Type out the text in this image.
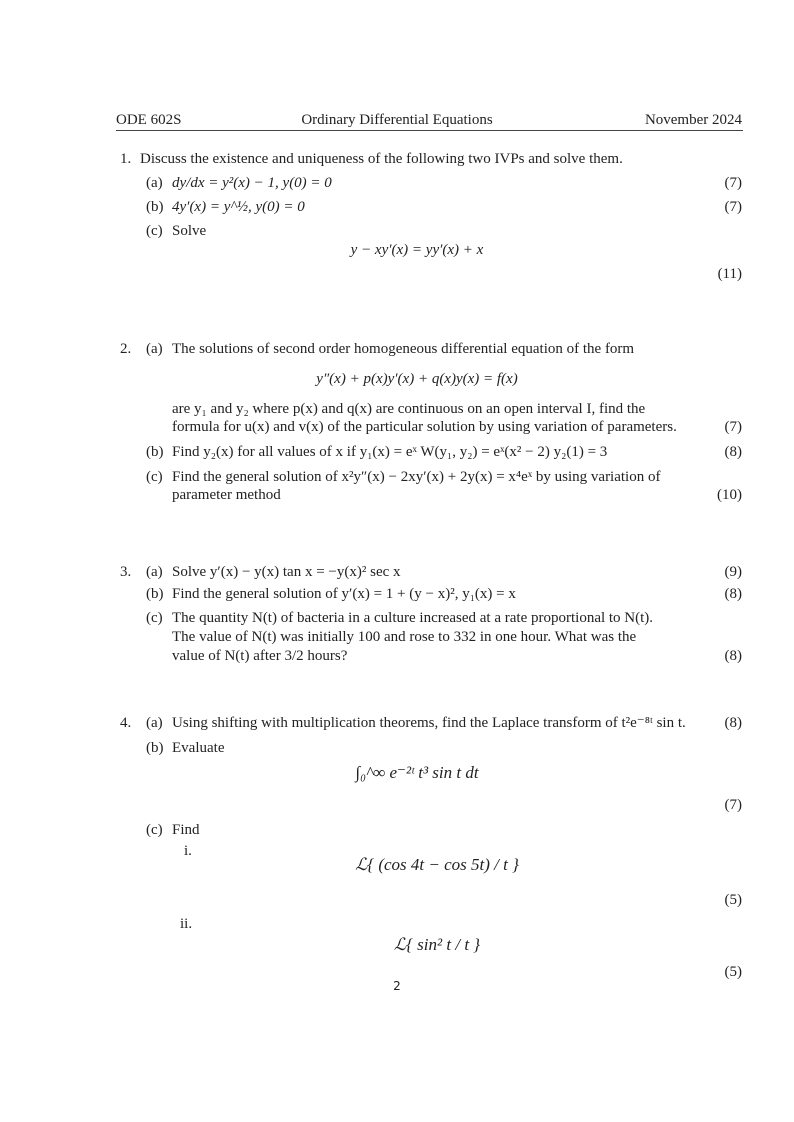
ODE 602S	Ordinary Differential Equations	November 2024
1. Discuss the existence and uniqueness of the following two IVPs and solve them.
(a) dy/dx = y²(x) − 1, y(0) = 0	(7)
(b) 4y′(x) = y^½, y(0) = 0	(7)
(c) Solve
y − xy′(x) = yy′(x) + x
(11)
2. (a) The solutions of second order homogeneous differential equation of the form
y″(x) + p(x)y′(x) + q(x)y(x) = f(x)
are y₁ and y₂ where p(x) and q(x) are continuous on an open interval I, find the
formula for u(x) and v(x) of the particular solution by using variation of parameters.	(7)
(b) Find y₂(x) for all values of x if y₁(x) = eˣ W(y₁, y₂) = eˣ(x² − 2) y₂(1) = 3	(8)
(c) Find the general solution of x²y″(x) − 2xy′(x) + 2y(x) = x⁴eˣ by using variation of
parameter method	(10)
3. (a) Solve y′(x) − y(x) tan x = −y(x)² sec x	(9)
(b) Find the general solution of y′(x) = 1 + (y − x)², y₁(x) = x	(8)
(c) The quantity N(t) of bacteria in a culture increased at a rate proportional to N(t).
The value of N(t) was initially 100 and rose to 332 in one hour. What was the
value of N(t) after 3/2 hours?	(8)
4. (a) Using shifting with multiplication theorems, find the Laplace transform of t²e⁻⁸ᵗ sin t.	(8)
(b) Evaluate
∫₀^∞ e⁻²ᵗ t³ sin t dt
(7)
(c) Find
i.
ℒ{ (cos 4t − cos 5t) / t }
(5)
ii.
ℒ{ sin² t / t }
(5)
2
